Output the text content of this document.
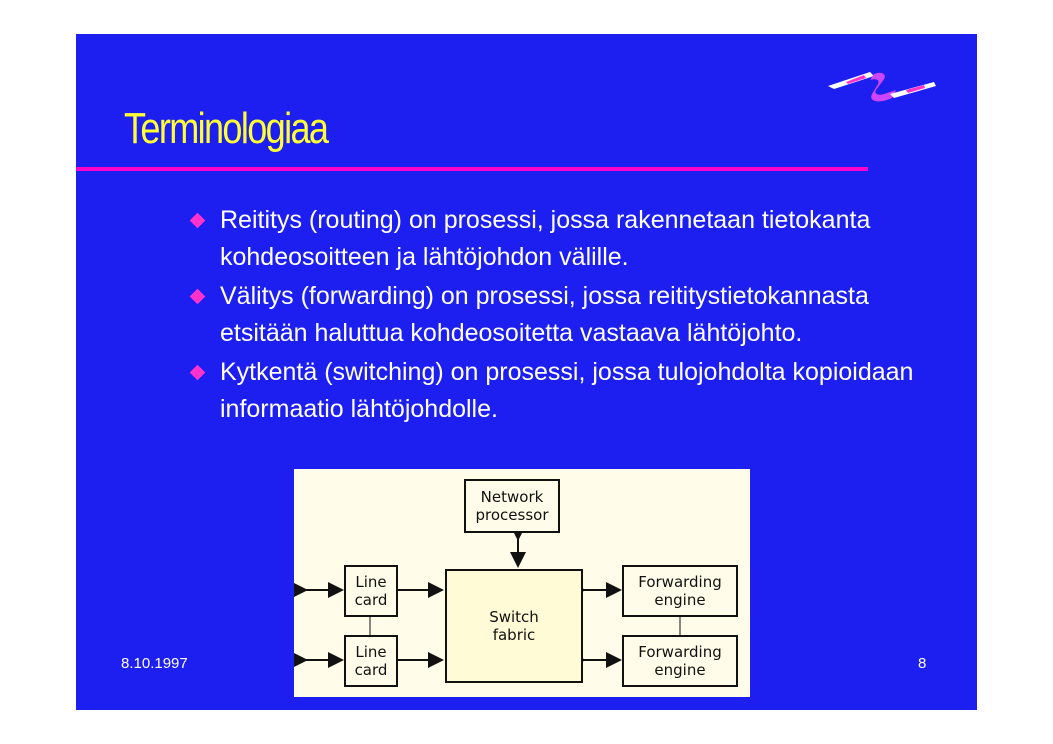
Terminologiaa
Reititys (routing) on prosessi, jossa rakennetaan tietokanta kohdeosoitteen ja lähtöjohdon välille.
Välitys (forwarding) on prosessi, jossa reititystietokannasta etsitään haluttua kohdeosoitetta vastaava lähtöjohto.
Kytkentä (switching) on prosessi, jossa tulojohdolta kopioidaan informaatio lähtöjohdolle.
8.10.1997	8
Network
processor
Switch
fabric
Line
card
Line
card
Forwarding
engine
Forwarding
engine
